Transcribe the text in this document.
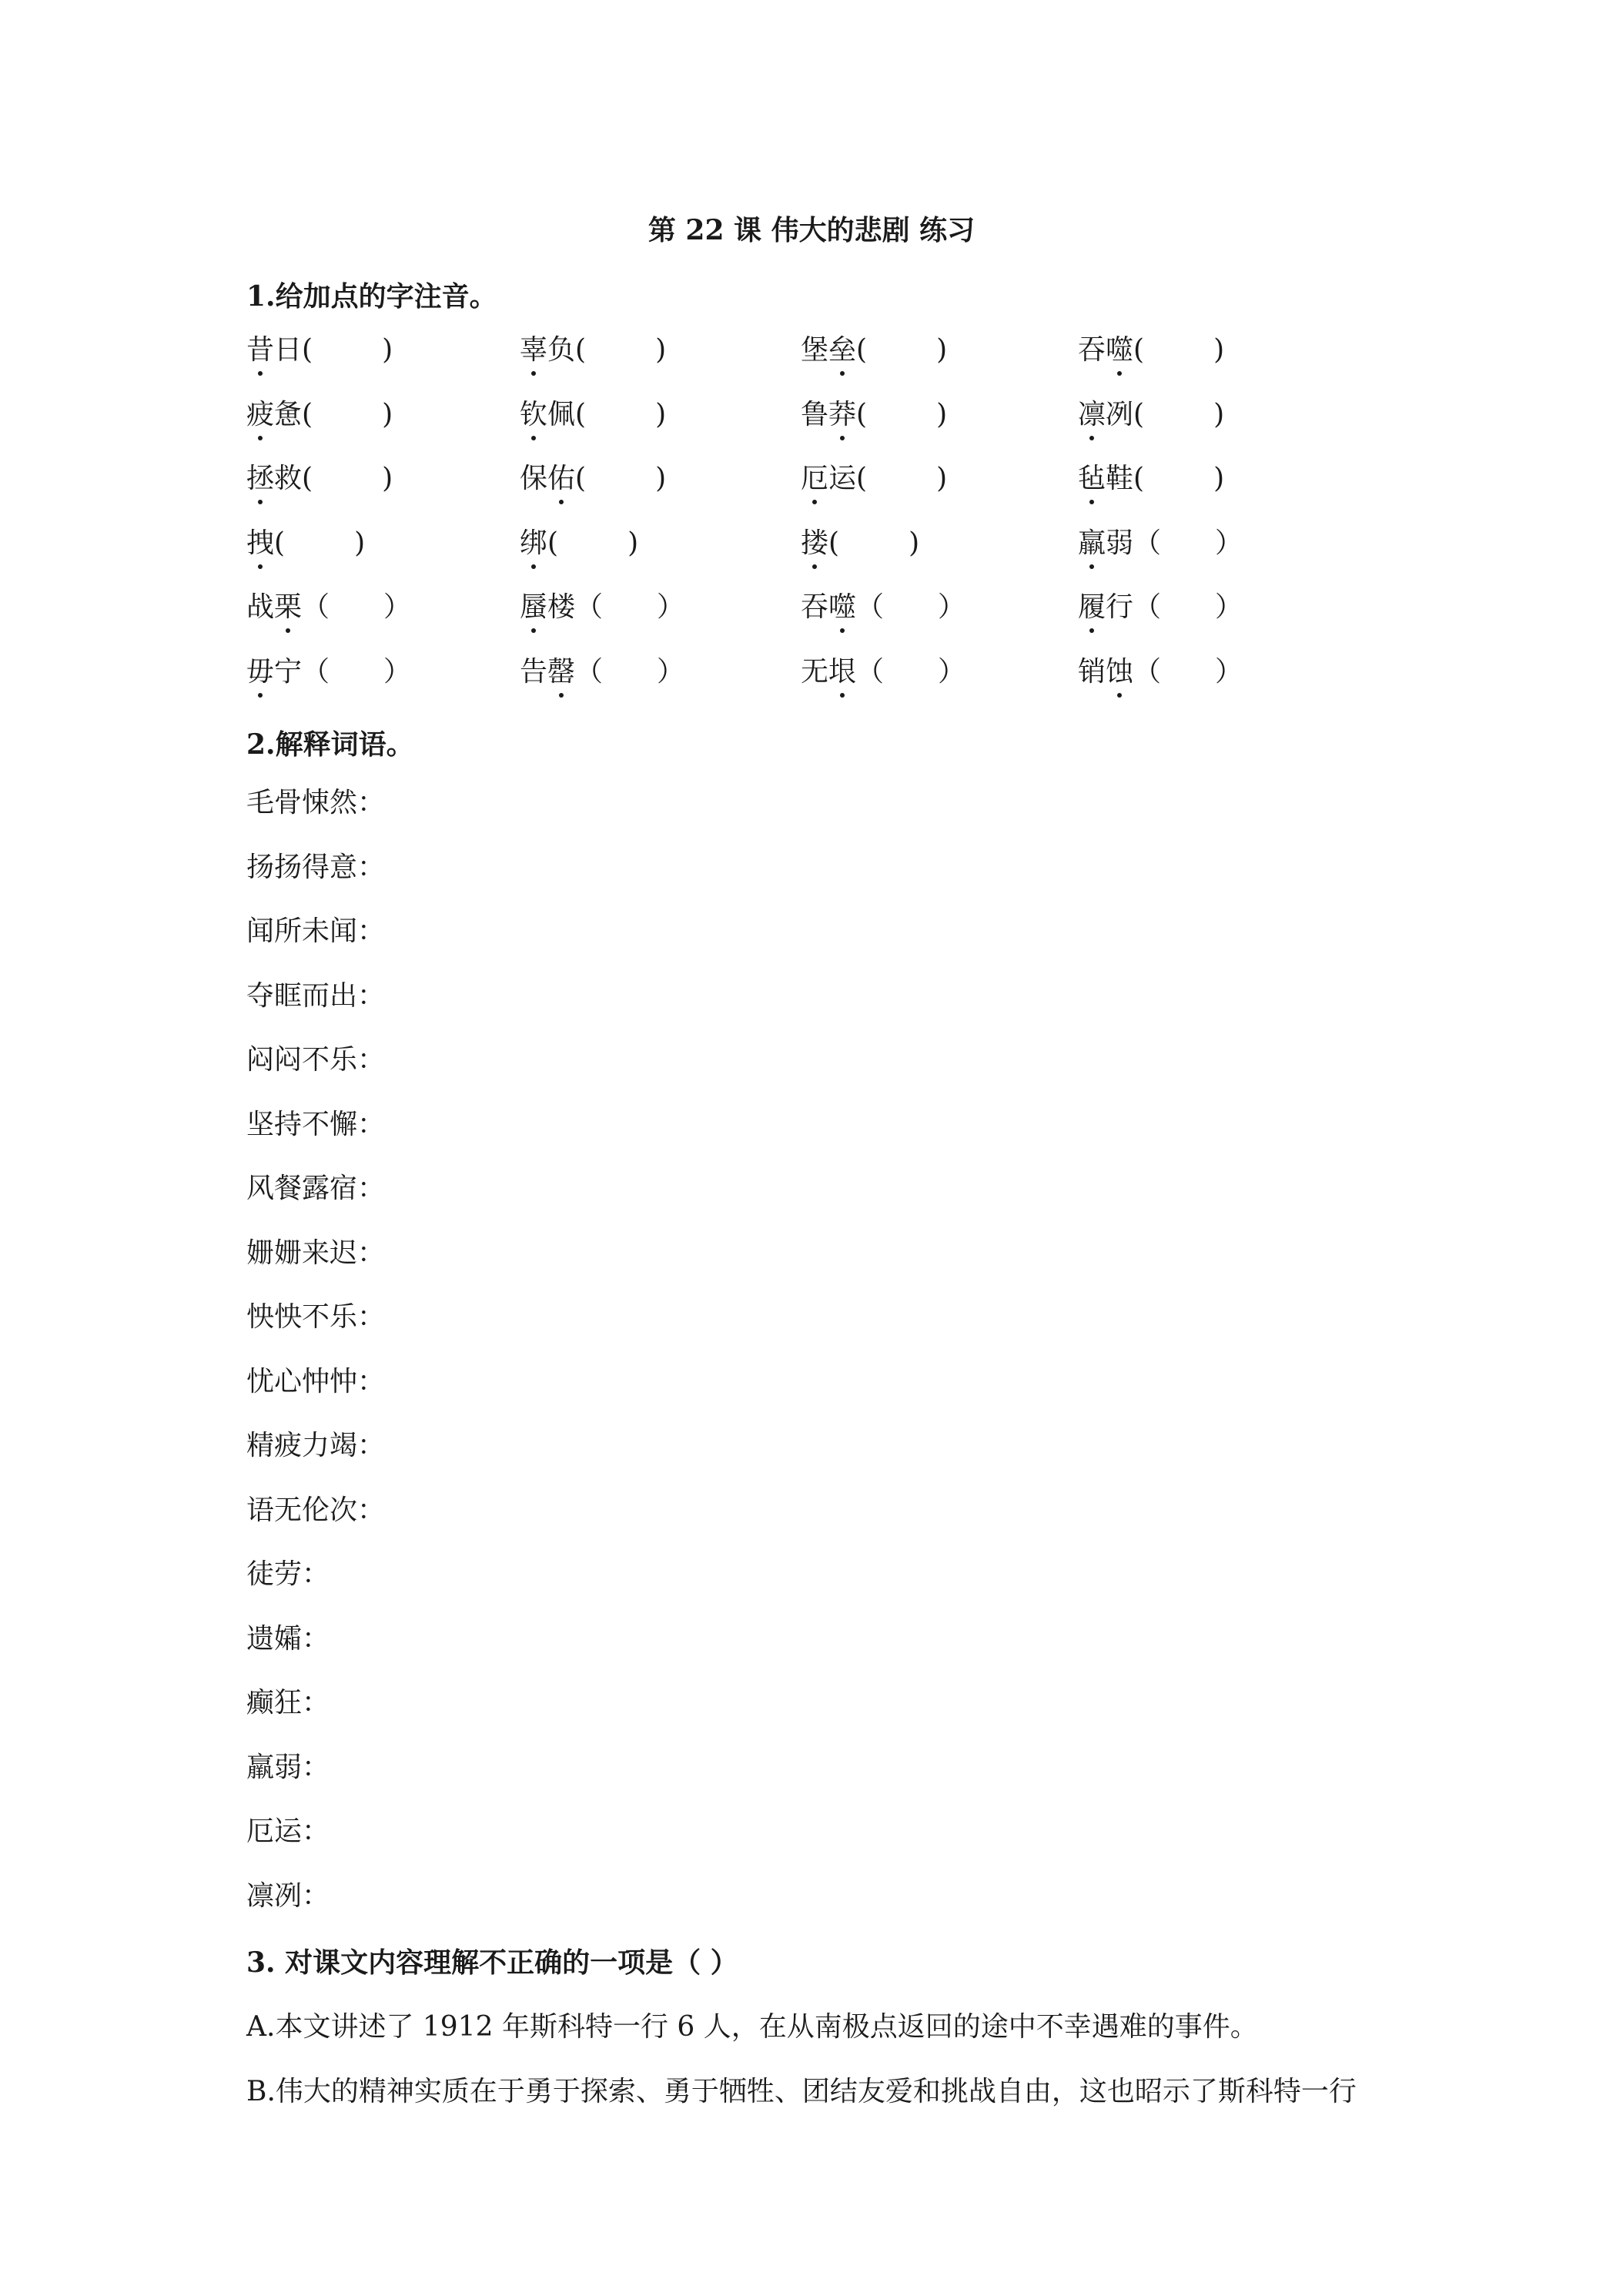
第 22 课 伟大的悲剧 练习
1.给加点的字注音。
昔日(	)	辜负(	)	堡垒(	)	吞噬(	)
疲惫(	)	钦佩(	)	鲁莽(	)	凛冽(	)
拯救(	)	保佑(	)	厄运(	)	毡鞋(	)
拽(	)	绑(	)	搂(	)	羸弱（ ）
战栗（ ）	蜃楼（ ）	吞噬（ ）	履行（ ）
毋宁（ ）	告罄（ ）	无垠（ ）	销蚀（ ）
2.解释词语。
毛骨悚然：
扬扬得意：
闻所未闻：
夺眶而出：
闷闷不乐：
坚持不懈：
风餐露宿：
姗姗来迟：
怏怏不乐：
忧心忡忡：
精疲力竭：
语无伦次：
徒劳：
遗孀：
癫狂：
羸弱：
厄运：
凛冽：
3. 对课文内容理解不正确的一项是（ ）
A.本文讲述了 1912 年斯科特一行 6 人，在从南极点返回的途中不幸遇难的事件。
B.伟大的精神实质在于勇于探索、勇于牺牲、团结友爱和挑战自由，这也昭示了斯科特一行
